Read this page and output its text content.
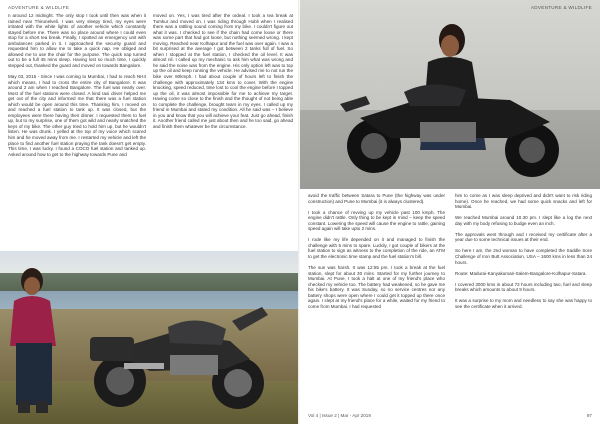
ADVENTURE & WILDLIFE
n around 12 midnight. The only stop I took until then was when it rained near Thirunelveli. I was very sleepy tired, my eyes were irritated with the white lights of another vehicle which constantly stayed before me. There was no place around where I could even stop for a short tea break. Finally, I spotted an emergency unit with ambulances parked in it. I approached the security guard and requested him to allow me to take a quick nap. He obliged and allowed me to use the chair for the purpose. The quick nap turned out to be a full 45 mins sleep. Having lost so much time, I quickly stepped out, thanked the guard and moved on towards Bangalore.

May 03, 2015 - Since I was coming to Mumbai, I had to reach NH4 which means, I had to cross the entire city of Bangalore. It was around 2 am when I reached Bangalore. The fuel was nearly over. Most of the fuel stations were closed. A kind taxi driver helped me get out of the city and informed me that there was a fuel station which would be open around this time. Thanking him, I moved on and reached a fuel station to tank up. It was closed, but the employees were there having their dinner. I requested them to fuel up, but to my surprise, one of them got wild and nearly snatched the keys of my bike. The other guy tried to hold him up, but he wouldn't listen. He was drunk. I yelled at the top of my voice which scared him and he moved away from me. I restarted my vehicle and left the place to find another fuel station praying the tank doesn't get empty. This time, I was lucky. I found a COCO fuel station and tanked up. Asked around how to get to the highway towards Pune and
moved on. Yes, I was tired after the ordeal. I took a tea break at Tumkur and moved on. I was riding through Hubli when I realised there was a rattling sound coming from my bike. I couldn't figure out what it was. I checked to see if the chain had come loose or there was some part that had got loose, but nothing seemed wrong. I kept moving. Reached near Kolhapur and the fuel was over again. I was a bit surprised at the average I got between 2 tanks full of fuel. So when I stopped at the fuel station, I checked the oil level. It was almost nil. I called up my mechanic to ask him what was wrong and he said the noise was from the engine. His only option left was to top up the oil and keep running the vehicle. He advised me to not run the bike over 80kmph. I had about couple of hours left to finish the challenge with approximately 134 kms to cover. With the engine knocking, speed reduced, time lost to cool the engine before I topped up the oil, it was almost impossible for me to achieve my target. Having come so close to the finish and the thought of not being able to complete the challenge, brought tears in my eyes. I called up my friend in Mumbai and stated my condition. All he said was – I believe in you and know that you will achieve your feat. Just go ahead, finish it. Another friend called me just about then and he too said, go ahead and finish them whatever be the circumstance.
avoid the traffic between Satara to Pune (the highway was under construction) and Pune to Mumbai (it is always clustered).

I took a chance of revving up my vehicle past 100 kmph. The engine didn't rattle. Only thing to be kept in mind – keep the speed constant. Lowering the speed will cause the engine to rattle, gaining speed again will take upto 2 mins.

I rode like my life depended on it and managed to finish the challenge with 5 mins to spare. Luckily, I got couple of bikers at the fuel station to sign as witness to the completion of the ride, an ATM to get the electronic time stamp and the fuel station's bill.

The sun was harsh. It was 12:55 pm. I took a break at the fuel station, slept for about 30 mins. Started for my further journey to Mumbai. At Pune, I took a halt at one of my friend's place who checked my vehicle too. The battery had weakened, so he gave me his bike's battery. It was Sunday, so no service centres nor any battery shops were open where I could get it topped up there once again. I slept at my friend's place for a while, waited for my friend to come from Mumbai. I had requested
him to come as I was sleep deprived and didn't want to risk riding home). Once he reached, we had some quick snacks and left for Mumbai.

We reached Mumbai around 10.30 pm. I slept like a log the next day with my body refusing to budge even an inch.

The approvals went through and I received my certificate after a year due to some technical issues at their end.

So here I am, the 2nd woman to have completed the Saddle Sore Challenge of Iron Butt Association, USA – 1600 kms in less than 24 hours.

Route: Madurai-Kanyakumari-Salem-Bangalore-Kolhapur-Satara.

I covered 3000 kms in about 72 hours including two, fuel and sleep breaks which amounts to about 9 hours.

It was a surprise to my mom and needless to say she was happy to see the certificate when it arrived.
Vol 4 | Issue 2 | Mar - Apr 2019	97
ADVENTURE & WILDLIFE
